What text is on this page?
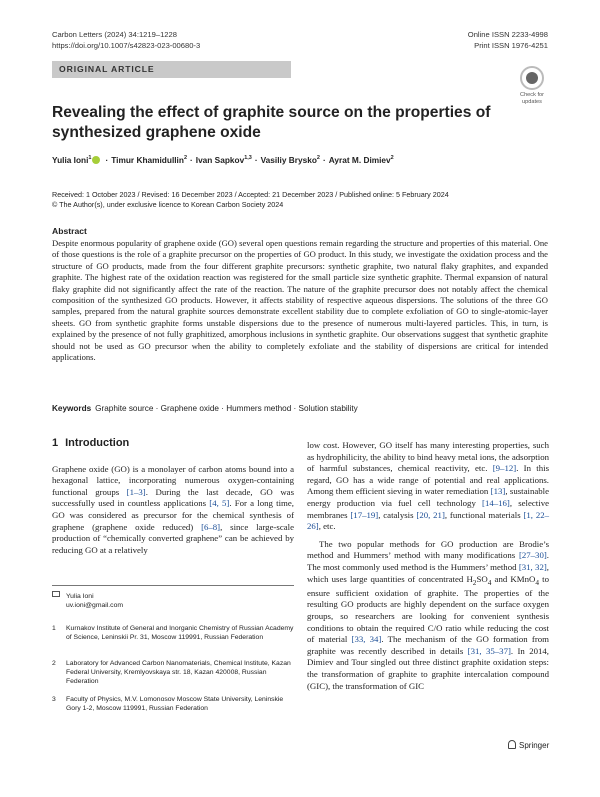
Carbon Letters (2024) 34:1219–1228
https://doi.org/10.1007/s42823-023-00680-3
Online ISSN 2233-4998
Print ISSN 1976-4251
ORIGINAL ARTICLE
Check for
updates
Revealing the effect of graphite source on the properties of synthesized graphene oxide
Yulia Ioni$^1$ · Timur Khamidullin$^2$ · Ivan Sapkov$^{1,3}$ · Vasiliy Brysko$^2$ · Ayrat M. Dimiev$^2$
Received: 1 October 2023 / Revised: 16 December 2023 / Accepted: 21 December 2023 / Published online: 5 February 2024
© The Author(s), under exclusive licence to Korean Carbon Society 2024
Abstract

Despite enormous popularity of graphene oxide (GO) several open questions remain regarding the structure and properties of this material. One of those questions is the role of a graphite precursor on the properties of GO product. In this study, we investigate the oxidation process and the structure of GO products, made from the four different graphite precursors: synthetic graphite, two natural flaky graphites, and expanded graphite. The highest rate of the oxidation reaction was registered for the small particle size synthetic graphite. Thermal expansion of natural flaky graphite did not significantly affect the rate of the reaction. The nature of the graphite precursor does not notably affect the chemical composition of the synthesized GO products. However, it affects stability of respective aqueous dispersions. The solutions of the three GO samples, prepared from the natural graphite sources demonstrate excellent stability due to complete exfoliation of GO to single-atomic-layer sheets. GO from synthetic graphite forms unstable dispersions due to the presence of numerous multi-layered particles. This, in turn, is explained by the presence of not fully graphitized, amorphous inclusions in synthetic graphite. Our observations suggest that synthetic graphite should not be used as GO precursor when the ability to completely exfoliate and the stability of dispersions are critical for intended applications.

Keywords Graphite source · Graphene oxide · Hummers method · Solution stability
1 Introduction

Graphene oxide (GO) is a monolayer of carbon atoms bound into a hexagonal lattice, incorporating numerous oxygen-containing functional groups [1–3]. During the last decade, GO was successfully used in countless applications [4, 5]. For a long time, GO was considered as precursor for the chemical synthesis of graphene (graphene oxide reduced) [6–8], since large-scale production of “chemically converted graphene” can be achieved by reducing GO at a relatively

low cost. However, GO itself has many interesting properties, such as hydrophilicity, the ability to bind heavy metal ions, the adsorption of harmful substances, chemical reactivity, etc. [9–12]. In this regard, GO has a wide range of potential and real applications. Among them efficient sieving in water remediation [13], sustainable energy production via fuel cell technology [14–16], selective membranes [17–19], catalysis [20, 21], functional materials [1, 22–26], etc.

The two popular methods for GO production are Brodie’s method and Hummers’ method with many modifications [27–30]. The most commonly used method is the Hummers’ method [31, 32], which uses large quantities of concentrated $H_2SO_4$ and KMnO$_4$ to ensure sufficient oxidation of graphite. The properties of the resulting GO products are highly dependent on the surface oxygen groups, so researchers are looking for convenient synthesis conditions to obtain the required C/O ratio while reducing the cost of material [33, 34]. The mechanism of the GO formation from graphite was recently described in details [31, 35–37]. In 2014, Dimiev and Tour singled out three distinct graphite oxidation steps: the transformation of graphite to graphite intercalation compound (GIC), the transformation of GIC

Yulia Ioni
uv.ioni@gmail.com
1	Kurnakov Institute of General and Inorganic Chemistry of Russian Academy of Science, Leninskii Pr. 31, Moscow 119991, Russian Federation
2	Laboratory for Advanced Carbon Nanomaterials, Chemical Institute, Kazan Federal University, Kremlyovskaya str. 18, Kazan 420008, Russian Federation
3	Faculty of Physics, M.V. Lomonosov Moscow State University, Leninskie Gory 1-2, Moscow 119991, Russian Federation
Springer
